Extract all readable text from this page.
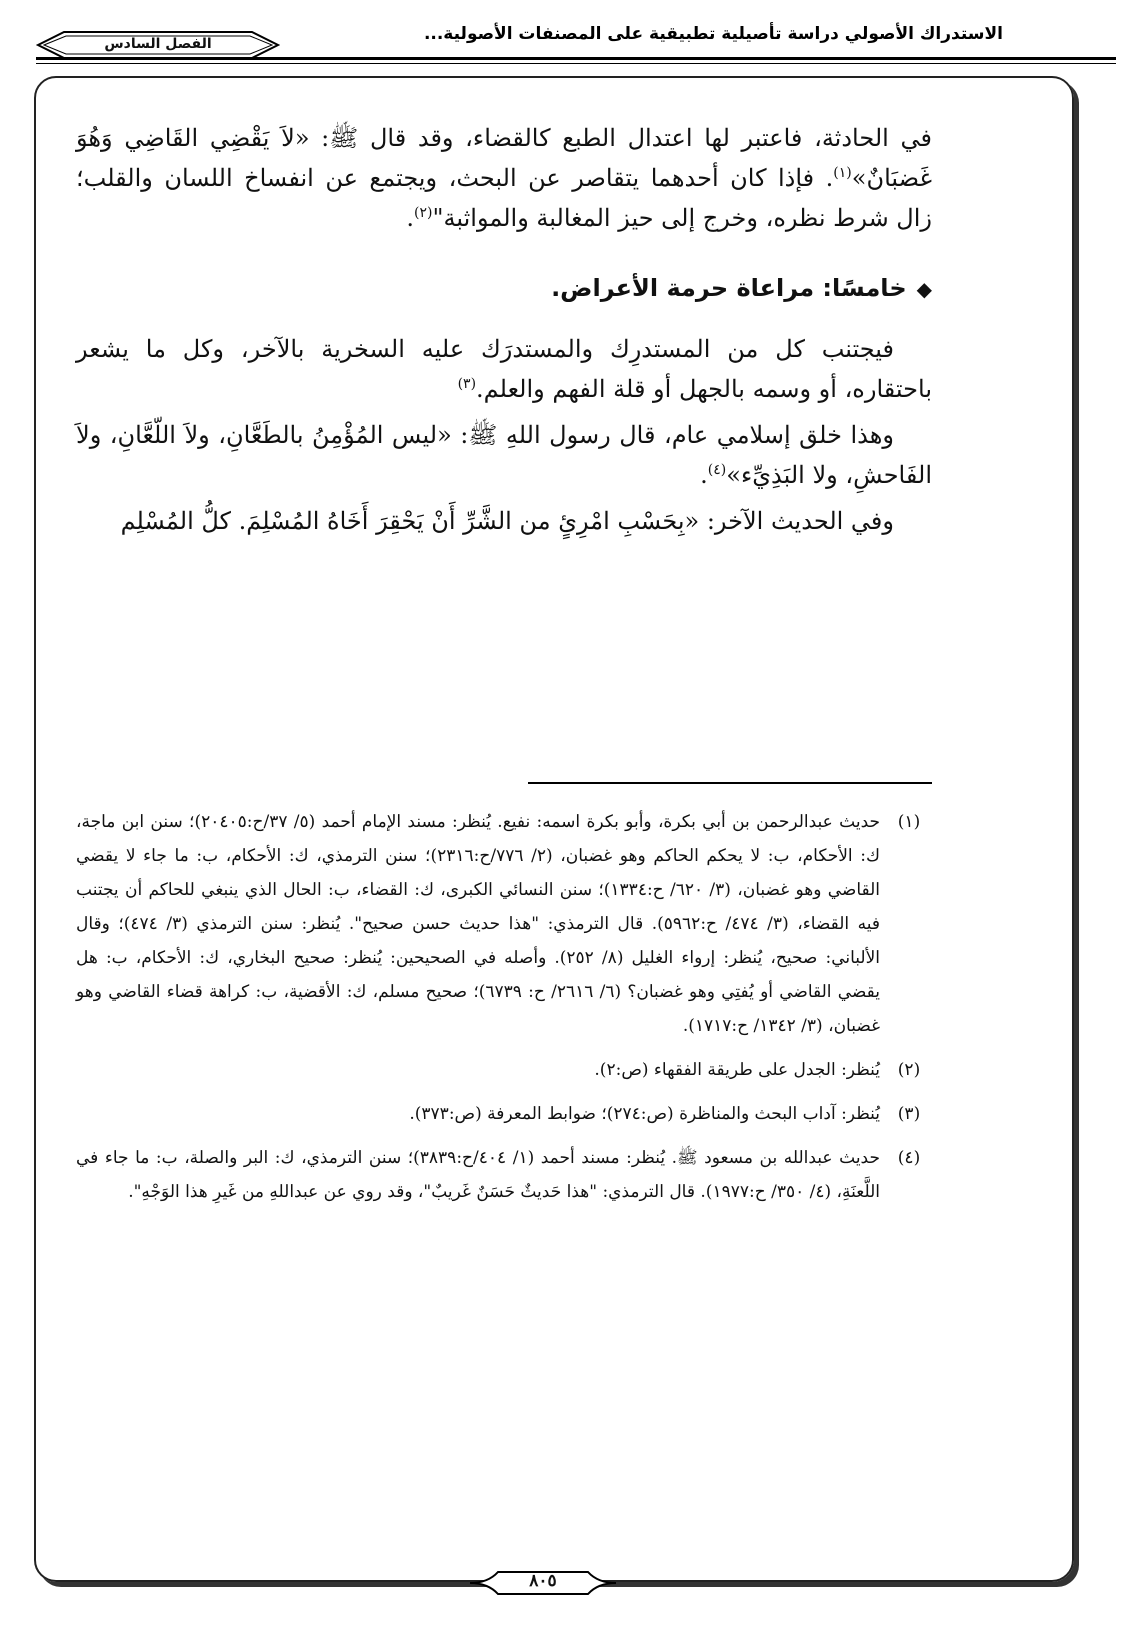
الاستدراك الأصولي دراسة تأصيلية تطبيقية على المصنفات الأصولية...
الفصل السادس

في الحادثة، فاعتبر لها اعتدال الطبع كالقضاء، وقد قال ﷺ: «لاَ يَقْضِي القَاضِي وَهُوَ غَضبَانٌ»$^{(١)}$. فإذا كان أحدهما يتقاصر عن البحث، ويجتمع عن انفساخ اللسان والقلب؛ زال شرط نظره، وخرج إلى حيز المغالبة والمواثبة"$^{(٢)}$.

◆خامسًا: مراعاة حرمة الأعراض.

فيجتنب كل من المستدرِك والمستدرَك عليه السخرية بالآخر، وكل ما يشعر باحتقاره، أو وسمه بالجهل أو قلة الفهم والعلم.$^{(٣)}$

وهذا خلق إسلامي عام، قال رسول اللهِ ﷺ: «ليس المُؤْمِنُ بالطَعَّانِ، ولاَ اللّعَّانِ، ولاَ الفَاحشِ، ولا البَذِيِّء»$^{(٤)}$.

وفي الحديث الآخر: «بِحَسْبِ امْرِئٍ من الشَّرِّ أَنْ يَحْقِرَ أَخَاهُ المُسْلِمَ. كلُّ المُسْلِم

(١)
حديث عبدالرحمن بن أبي بكرة، وأبو بكرة اسمه: نفيع. يُنظر: مسند الإمام أحمد (٥/ ٣٧/ح:٢٠٤٠٥)؛ سنن ابن ماجة، ك: الأحكام، ب: لا يحكم الحاكم وهو غضبان، (٢/ ٧٧٦/ح:٢٣١٦)؛ سنن الترمذي، ك: الأحكام، ب: ما جاء لا يقضي القاضي وهو غضبان، (٣/ ٦٢٠/ ح:١٣٣٤)؛ سنن النسائي الكبرى، ك: القضاء، ب: الحال الذي ينبغي للحاكم أن يجتنب فيه القضاء، (٣/ ٤٧٤/ ح:٥٩٦٢). قال الترمذي: "هذا حديث حسن صحيح". يُنظر: سنن الترمذي (٣/ ٤٧٤)؛ وقال الألباني: صحيح، يُنظر: إرواء الغليل (٨/ ٢٥٢). وأصله في الصحيحين: يُنظر: صحيح البخاري، ك: الأحكام، ب: هل يقضي القاضي أو يُفتِي وهو غضبان؟ (٦/ ٢٦١٦/ ح: ٦٧٣٩)؛ صحيح مسلم، ك: الأقضية، ب: كراهة قضاء القاضي وهو غضبان، (٣/ ١٣٤٢/ ح:١٧١٧).
(٢)
يُنظر: الجدل على طريقة الفقهاء (ص:٢).
(٣)
يُنظر: آداب البحث والمناظرة (ص:٢٧٤)؛ ضوابط المعرفة (ص:٣٧٣).
(٤)
حديث عبدالله بن مسعود ﷺ. يُنظر: مسند أحمد (١/ ٤٠٤/ح:٣٨٣٩)؛ سنن الترمذي، ك: البر والصلة، ب: ما جاء في اللَّعنَةِ، (٤/ ٣٥٠/ ح:١٩٧٧). قال الترمذي: "هذا حَديثٌ حَسَنٌ غَريبٌ"، وقد روي عن عبداللهِ من غَيرِ هذا الوَجْهِ".
٨٠٥
